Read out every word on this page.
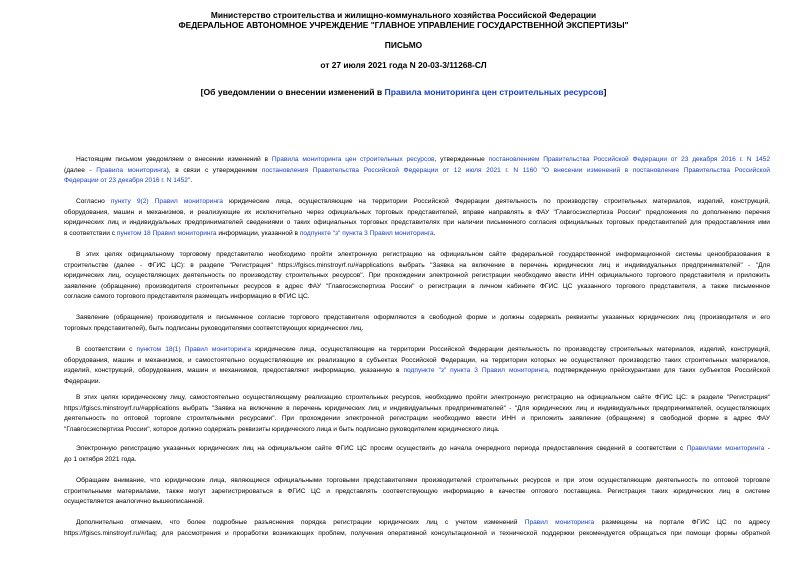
Министерство строительства и жилищно-коммунального хозяйства Российской Федерации
ФЕДЕРАЛЬНОЕ АВТОНОМНОЕ УЧРЕЖДЕНИЕ "ГЛАВНОЕ УПРАВЛЕНИЕ ГОСУДАРСТВЕННОЙ ЭКСПЕРТИЗЫ"
ПИСЬМО
от 27 июля 2021 года N 20-03-3/11268-СЛ
[Об уведомлении о внесении изменений в Правила мониторинга цен строительных ресурсов]
Настоящим письмом уведомляем о внесении изменений в Правила мониторинга цен строительных ресурсов, утвержденные постановлением Правительства Российской Федерации от 23 декабря 2016 г. N 1452
(далее - Правила мониторинга), в связи с утверждением постановления Правительства Российской Федерации от 12 июля 2021 г. N 1160 "О внесении изменений в постановление Правительства Российской
Федерации от 23 декабря 2016 г. N 1452".
Согласно пункту 9(2) Правил мониторинга юридические лица, осуществляющие на территории Российской Федерации деятельность по производству строительных материалов, изделий, конструкций,
оборудования, машин и механизмов, и реализующие их исключительно через официальных торговых представителей, вправе направлять в ФАУ "Главгосэкспертиза России" предложения по дополнению перечня
юридических лиц и индивидуальных предпринимателей сведениями о таких официальных торговых представителях при наличии письменного согласия официальных торговых представителей для предоставления ими
в соответствии с пунктом 18 Правил мониторинга информации, указанной в подпункте "з" пункта 3 Правил мониторинга.
В этих целях официальному торговому представителю необходимо пройти электронную регистрацию на официальном сайте федеральной государственной информационной системы ценообразования в
строительстве (далее - ФГИС ЦС): в разделе "Регистрация" https://fgiscs.minstroyrf.ru/#applications выбрать "Заявка на включение в перечень юридических лиц и индивидуальных предпринимателей" - "Для
юридических лиц, осуществляющих деятельность по производству строительных ресурсов". При прохождении электронной регистрации необходимо ввести ИНН официального торгового представителя и приложить
заявление (обращение) производителя строительных ресурсов в адрес ФАУ "Главгосэкспертиза России" о регистрации в личном кабинете ФГИС ЦС указанного торгового представителя, а также письменное
согласие самого торгового представителя размещать информацию в ФГИС ЦС.
Заявление (обращение) производителя и письменное согласие торгового представителя оформляются в свободной форме и должны содержать реквизиты указанных юридических лиц (производителя и его
торговых представителей), быть подписаны руководителями соответствующих юридических лиц.
В соответствии с пунктом 18(1) Правил мониторинга юридические лица, осуществляющие на территории Российской Федерации деятельность по производству строительных материалов, изделий, конструкций,
оборудования, машин и механизмов, и самостоятельно осуществляющие их реализацию в субъектах Российской Федерации, на территории которых не осуществляют производство таких строительных материалов,
изделий, конструкций, оборудования, машин и механизмов, предоставляют информацию, указанную в подпункте "з" пункта 3 Правил мониторинга, подтвержденную прейскурантами для таких субъектов Российской
Федерации.
В этих целях юридическому лицу, самостоятельно осуществляющему реализацию строительных ресурсов, необходимо пройти электронную регистрацию на официальном сайте ФГИС ЦС: в разделе "Регистрация"
https://fgiscs.minstroyrf.ru/#applications выбрать "Заявка на включение в перечень юридических лиц и индивидуальных предпринимателей" - "Для юридических лиц и индивидуальных предпринимателей, осуществляющих
деятельность по оптовой торговле строительными ресурсами". При прохождении электронной регистрации необходимо ввести ИНН и приложить заявление (обращение) в свободной форме в адрес ФАУ
"Главгосэкспертиза России", которое должно содержать реквизиты юридического лица и быть подписано руководителем юридического лица.
Электронную регистрацию указанных юридических лиц на официальном сайте ФГИС ЦС просим осуществить до начала очередного периода предоставления сведений в соответствии с Правилами мониторинга -
до 1 октября 2021 года.
Обращаем внимание, что юридические лица, являющиеся официальными торговыми представителями производителей строительных ресурсов и при этом осуществляющие деятельность по оптовой торговле
строительными материалами, также могут зарегистрироваться в ФГИС ЦС и представлять соответствующую информацию в качестве оптового поставщика. Регистрация таких юридических лиц в системе
осуществляется аналогично вышеописанной.
Дополнительно отмечаем, что более подробные разъяснения порядка регистрации юридических лиц с учетом изменений Правил мониторинга размещены на портале ФГИС ЦС по адресу
https://fgiscs.minstroyrf.ru/#/faq; для рассмотрения и проработки возникающих проблем, получения оперативной консультационной и технической поддержки рекомендуется обращаться при помощи формы обратной
